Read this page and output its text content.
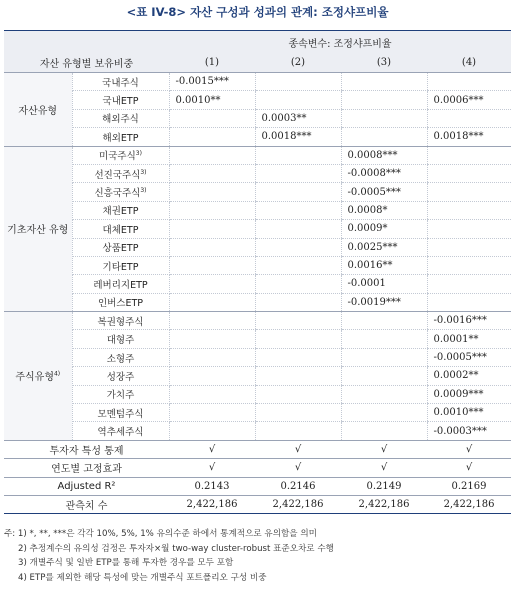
<표 IV-8> 자산 구성과 성과의 관계: 조정샤프비율
		종속변수: 조정샤프비율			
자산 유형별 보유비중		(1)	(2)	(3)	(4)
자산유형	국내주식	-0.0015***			
	국내ETP	0.0010**			0.0006***
	해외주식		0.0003**		
	해외ETP		0.0018***		0.0018***
기초자산 유형	미국주식$^{3)}$			0.0008***	
	선진국주식$^{3)}$			-0.0008***	
	신흥국주식$^{3)}$			-0.0005***	
	채권ETP			0.0008*	
	대체ETP			0.0009*	
	상품ETP			0.0025***	
	기타ETP			0.0016**	
	레버리지ETP			-0.0001	
	인버스ETP			-0.0019***	
주식유형$^{4)}$	복권형주식				-0.0016***
	대형주				0.0001**
	소형주				-0.0005***
	성장주				0.0002**
	가치주				0.0009***
	모멘텀주식				0.0010***
	역추세주식				-0.0003***
투자자 특성 통제		√	√	√	√
연도별 고정효과		√	√	√	√
Adjusted R²		0.2143	0.2146	0.2149	0.2169
관측치 수		2,422,186	2,422,186	2,422,186	2,422,186
주: 1) *, **, ***은 각각 10%, 5%, 1% 유의수준 하에서 통계적으로 유의함을 의미
2) 추정계수의 유의성 검정은 투자자×월 two-way cluster-robust 표준오차로 수행
3) 개별주식 및 일반 ETP를 통해 투자한 경우를 모두 포함
4) ETP를 제외한 해당 특성에 맞는 개별주식 포트폴리오 구성 비중
